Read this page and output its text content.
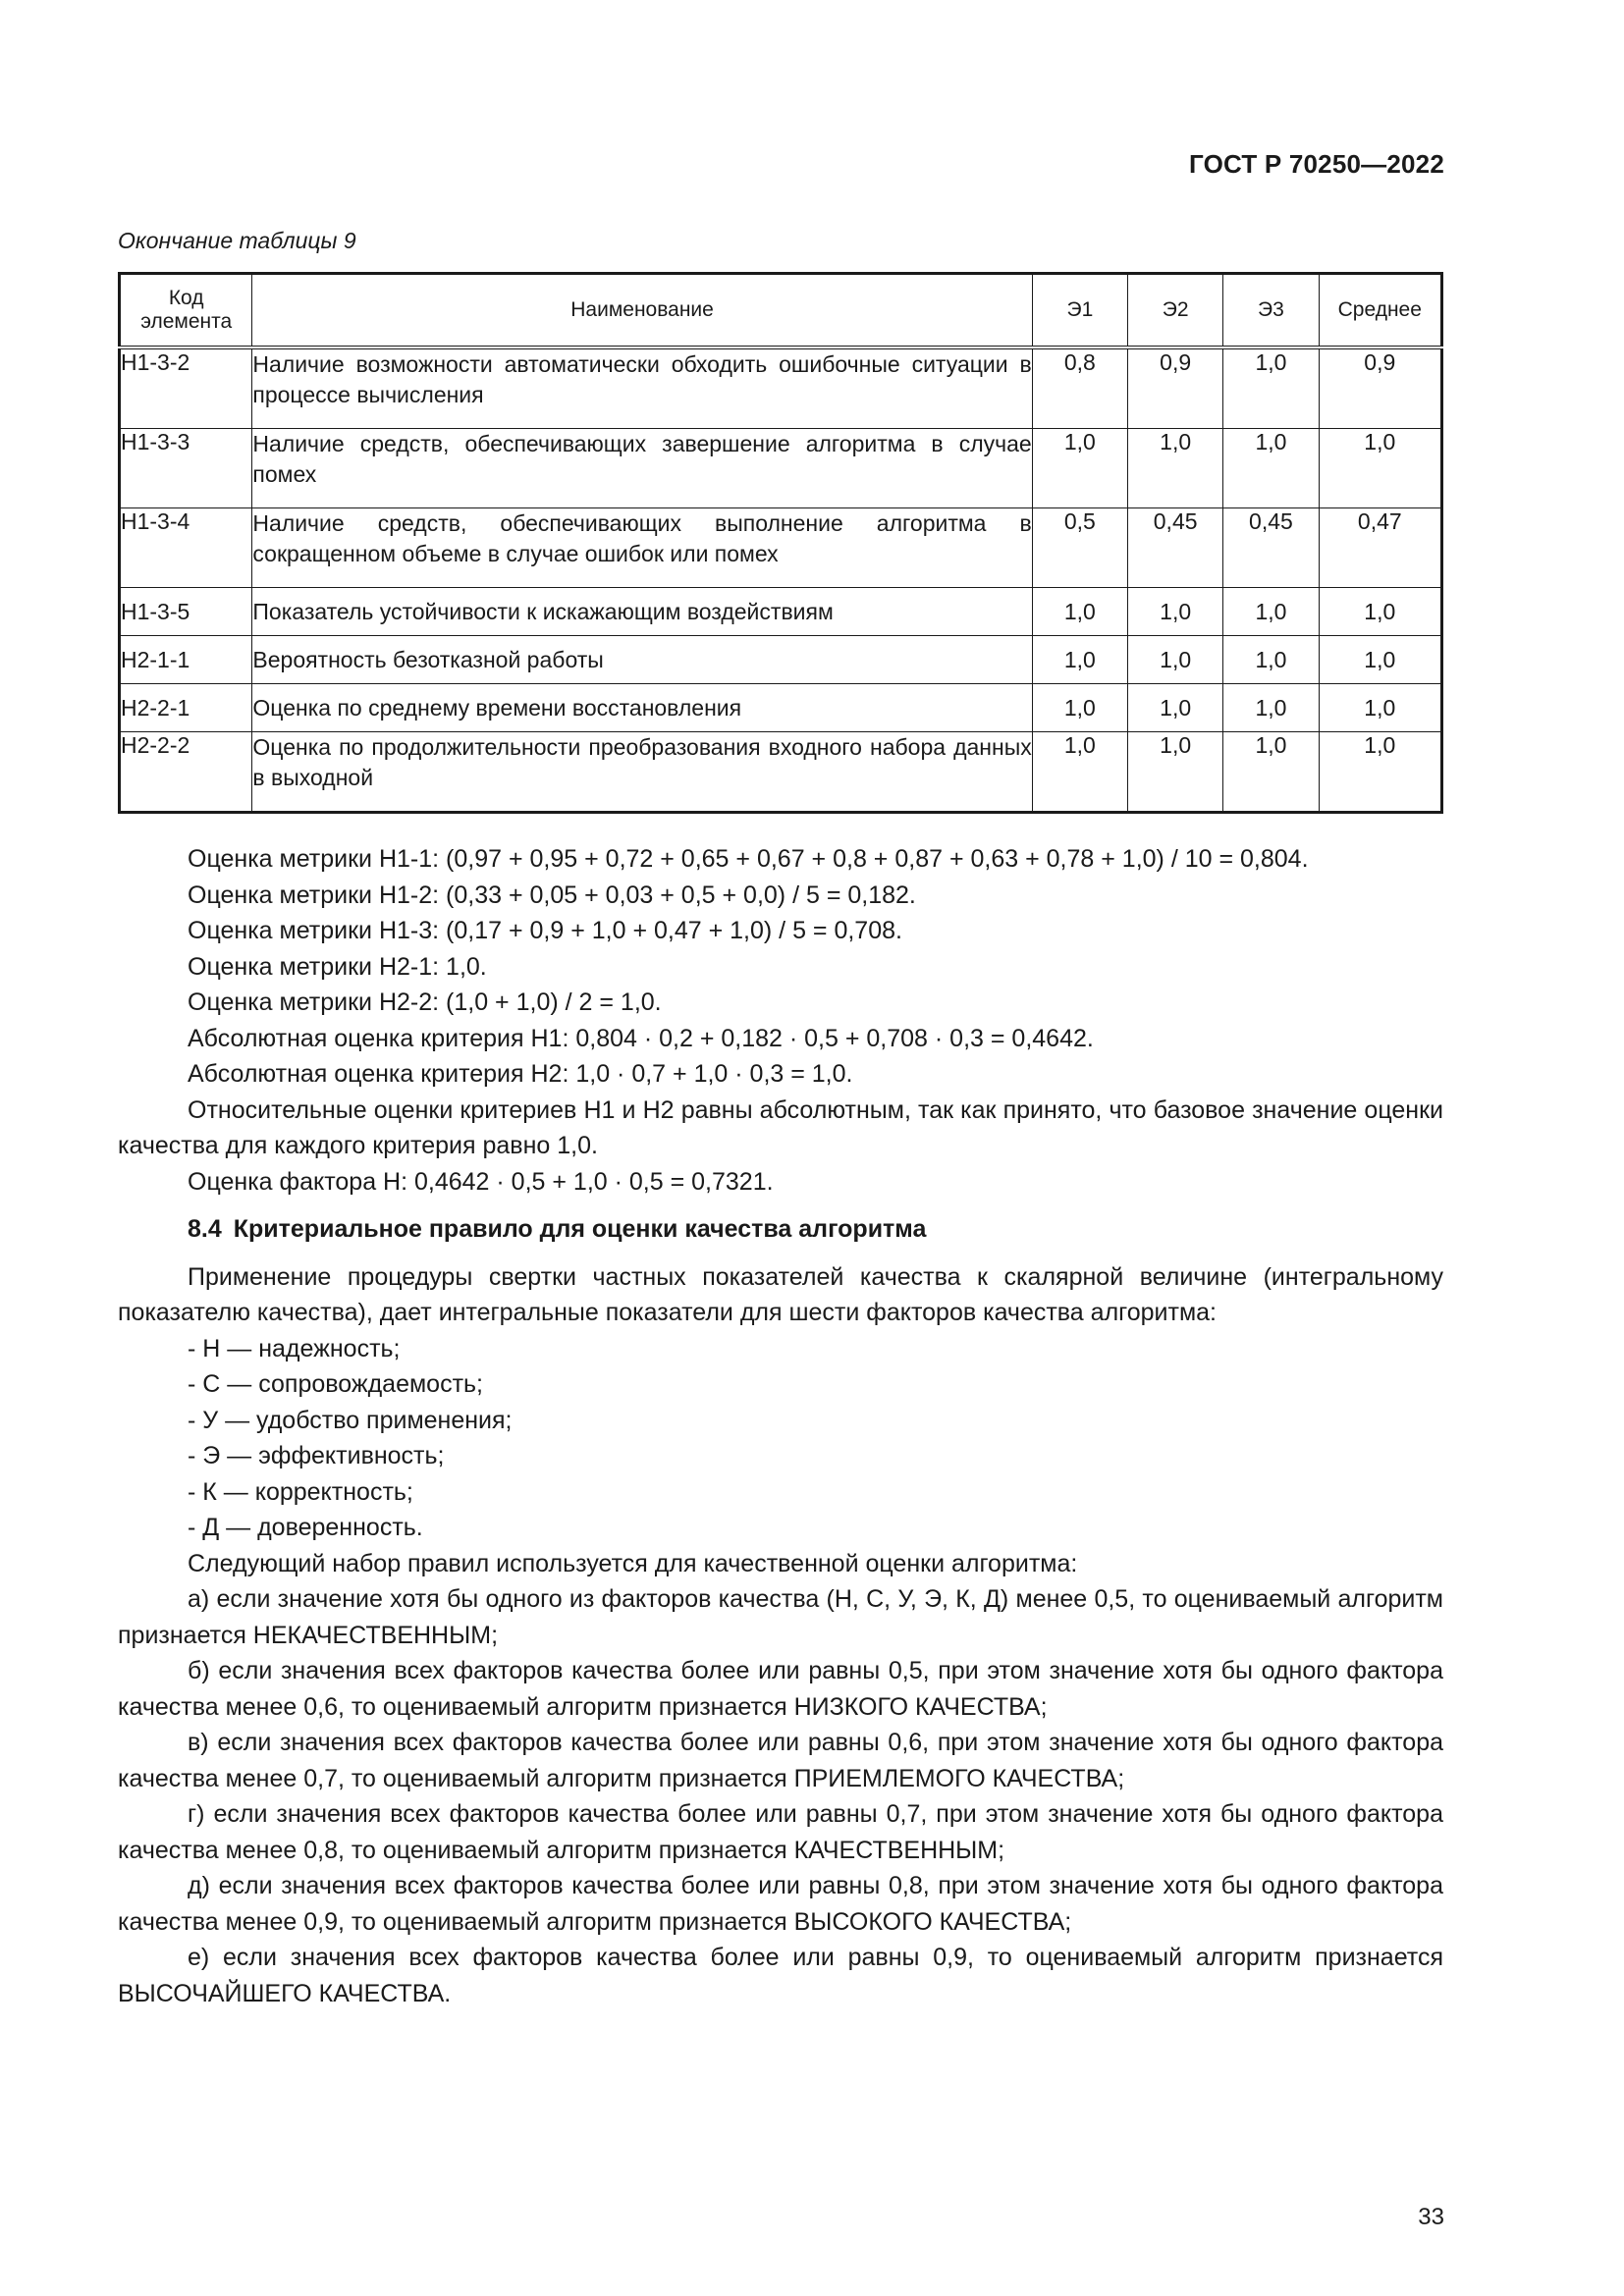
ГОСТ Р 70250—2022
Окончание таблицы 9
Код элемента	Наименование	Э1	Э2	Э3	Среднее
Н1-3-2	Наличие возможности автоматически обходить ошибочные ситуации в процессе вычисления	0,8	0,9	1,0	0,9
Н1-3-3	Наличие средств, обеспечивающих завершение алгоритма в случае помех	1,0	1,0	1,0	1,0
Н1-3-4	Наличие средств, обеспечивающих выполнение алгоритма в сокращенном объеме в случае ошибок или помех	0,5	0,45	0,45	0,47
Н1-3-5	Показатель устойчивости к искажающим воздействиям	1,0	1,0	1,0	1,0
Н2-1-1	Вероятность безотказной работы	1,0	1,0	1,0	1,0
Н2-2-1	Оценка по среднему времени восстановления	1,0	1,0	1,0	1,0
Н2-2-2	Оценка по продолжительности преобразования входного набора данных в выходной	1,0	1,0	1,0	1,0

Оценка метрики Н1-1: (0,97 + 0,95 + 0,72 + 0,65 + 0,67 + 0,8 + 0,87 + 0,63 + 0,78 + 1,0) / 10 = 0,804.

Оценка метрики Н1-2: (0,33 + 0,05 + 0,03 + 0,5 + 0,0) / 5 = 0,182.

Оценка метрики Н1-3: (0,17 + 0,9 + 1,0 + 0,47 + 1,0) / 5 = 0,708.

Оценка метрики Н2-1: 1,0.

Оценка метрики Н2-2: (1,0 + 1,0) / 2 = 1,0.

Абсолютная оценка критерия Н1: 0,804 · 0,2 + 0,182 · 0,5 + 0,708 · 0,3 = 0,4642.

Абсолютная оценка критерия Н2: 1,0 · 0,7 + 1,0 · 0,3 = 1,0.

Относительные оценки критериев Н1 и Н2 равны абсолютным, так как принято, что базовое значение оценки качества для каждого критерия равно 1,0.

Оценка фактора Н: 0,4642 · 0,5 + 1,0 · 0,5 = 0,7321.

8.4 Критериальное правило для оценки качества алгоритма

Применение процедуры свертки частных показателей качества к скалярной величине (интегральному показателю качества), дает интегральные показатели для шести факторов качества алгоритма:

- Н — надежность;

- С — сопровождаемость;

- У — удобство применения;

- Э — эффективность;

- К — корректность;

- Д — доверенность.

Следующий набор правил используется для качественной оценки алгоритма:

а) если значение хотя бы одного из факторов качества (Н, С, У, Э, К, Д) менее 0,5, то оцениваемый алгоритм признается НЕКАЧЕСТВЕННЫМ;

б) если значения всех факторов качества более или равны 0,5, при этом значение хотя бы одного фактора качества менее 0,6, то оцениваемый алгоритм признается НИЗКОГО КАЧЕСТВА;

в) если значения всех факторов качества более или равны 0,6, при этом значение хотя бы одного фактора качества менее 0,7, то оцениваемый алгоритм признается ПРИЕМЛЕМОГО КАЧЕСТВА;

г) если значения всех факторов качества более или равны 0,7, при этом значение хотя бы одного фактора качества менее 0,8, то оцениваемый алгоритм признается КАЧЕСТВЕННЫМ;

д) если значения всех факторов качества более или равны 0,8, при этом значение хотя бы одного фактора качества менее 0,9, то оцениваемый алгоритм признается ВЫСОКОГО КАЧЕСТВА;

е) если значения всех факторов качества более или равны 0,9, то оцениваемый алгоритм признается ВЫСОЧАЙШЕГО КАЧЕСТВА.

33
